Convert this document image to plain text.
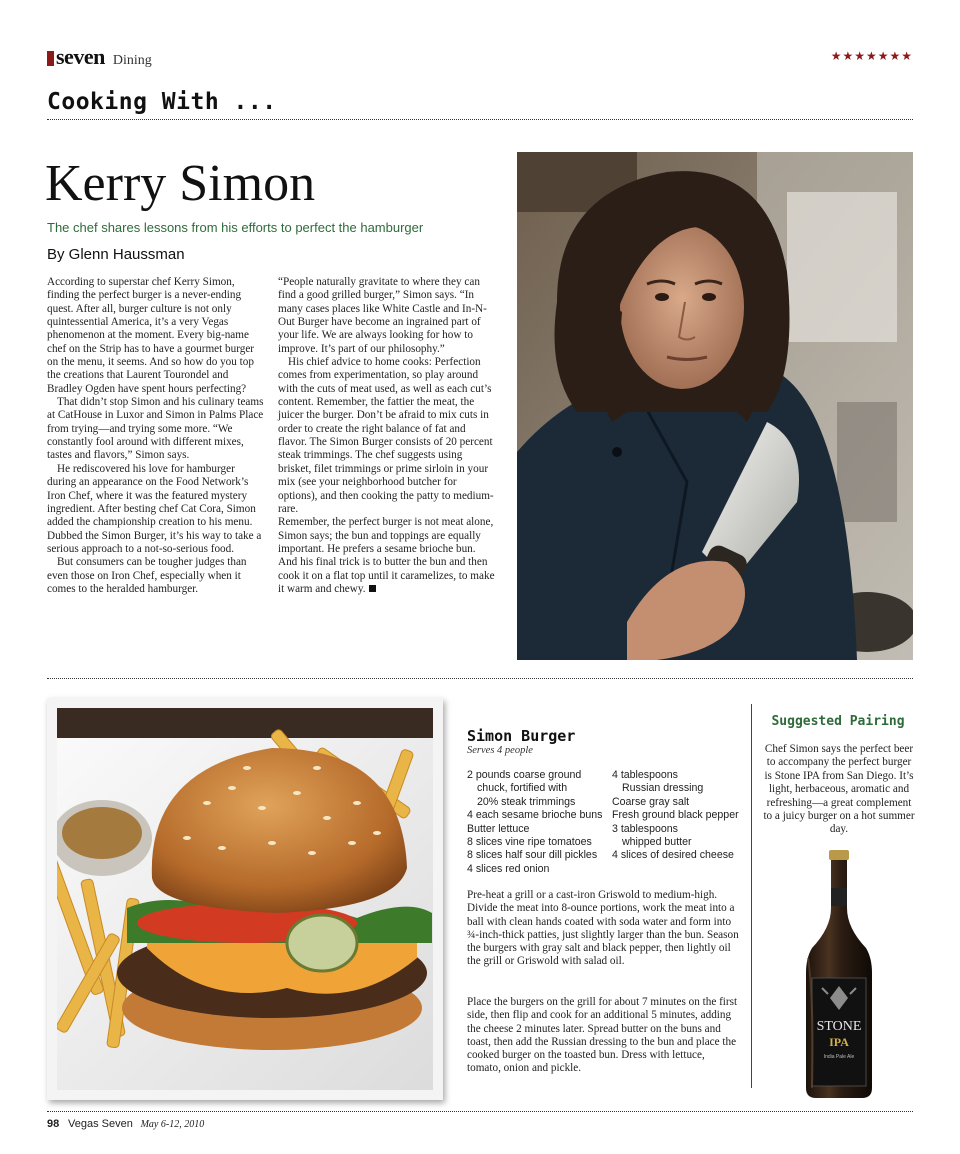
seven Dining	★★★★★★★
Cooking With ...
Kerry Simon
The chef shares lessons from his efforts to perfect the hamburger
By Glenn Haussman

According to superstar chef Kerry Simon, finding the perfect burger is a never-ending quest. After all, burger culture is not only quintessential America, it’s a very Vegas phenomenon at the moment. Every big-name chef on the Strip has to have a gourmet burger on the menu, it seems. And so how do you top the creations that Laurent Tourondel and Bradley Ogden have spent hours perfecting?

That didn’t stop Simon and his culinary teams at CatHouse in Luxor and Simon in Palms Place from trying—and trying some more. “We constantly fool around with different mixes, tastes and flavors,” Simon says.

He rediscovered his love for hamburger during an appearance on the Food Network’s Iron Chef, where it was the featured mystery ingredient. After besting chef Cat Cora, Simon added the championship creation to his menu. Dubbed the Simon Burger, it’s his way to take a serious approach to a not-so-serious food.

But consumers can be tougher judges than even those on Iron Chef, especially when it comes to the heralded hamburger.

“People naturally gravitate to where they can find a good grilled burger,” Simon says. “In many cases places like White Castle and In-N-Out Burger have become an ingrained part of your life. We are always looking for how to improve. It’s part of our philosophy.”

His chief advice to home cooks: Perfection comes from experimentation, so play around with the cuts of meat used, as well as each cut’s content. Remember, the fattier the meat, the juicer the burger. Don’t be afraid to mix cuts in order to create the right balance of fat and flavor. The Simon Burger consists of 20 percent steak trimmings. The chef suggests using brisket, filet trimmings or prime sirloin in your mix (see your neighborhood butcher for options), and then cooking the patty to medium-rare.

Remember, the perfect burger is not meat alone, Simon says; the bun and toppings are equally important. He prefers a sesame brioche bun. And his final trick is to butter the bun and then cook it on a flat top until it caramelizes, to make it warm and chewy.

Simon Burger
Serves 4 people
2 pounds coarse ground
chuck, fortified with
20% steak trimmings
4 each sesame brioche buns
Butter lettuce
8 slices vine ripe tomatoes
8 slices half sour dill pickles
4 slices red onion
4 tablespoons
Russian dressing
Coarse gray salt
Fresh ground black pepper
3 tablespoons
whipped butter
4 slices of desired cheese

Pre-heat a grill or a cast-iron Griswold to medium-high. Divide the meat into 8-ounce portions, work the meat into a ball with clean hands coated with soda water and form into ¾-inch-thick patties, just slightly larger than the bun. Season the burgers with gray salt and black pepper, then lightly oil the grill or Griswold with salad oil.

Place the burgers on the grill for about 7 minutes on the first side, then flip and cook for an additional 5 minutes, adding the cheese 2 minutes later. Spread butter on the buns and toast, then add the Russian dressing to the bun and place the cooked burger on the toasted bun. Dress with lettuce, tomato, onion and pickle.

Suggested Pairing
Chef Simon says the perfect beer to accompany the perfect burger is Stone IPA from San Diego. It’s light, herbaceous, aromatic and refreshing—a great complement to a juicy burger on a hot summer day.
STONE
IPA
India Pale Ale
98 Vegas Seven May 6-12, 2010
